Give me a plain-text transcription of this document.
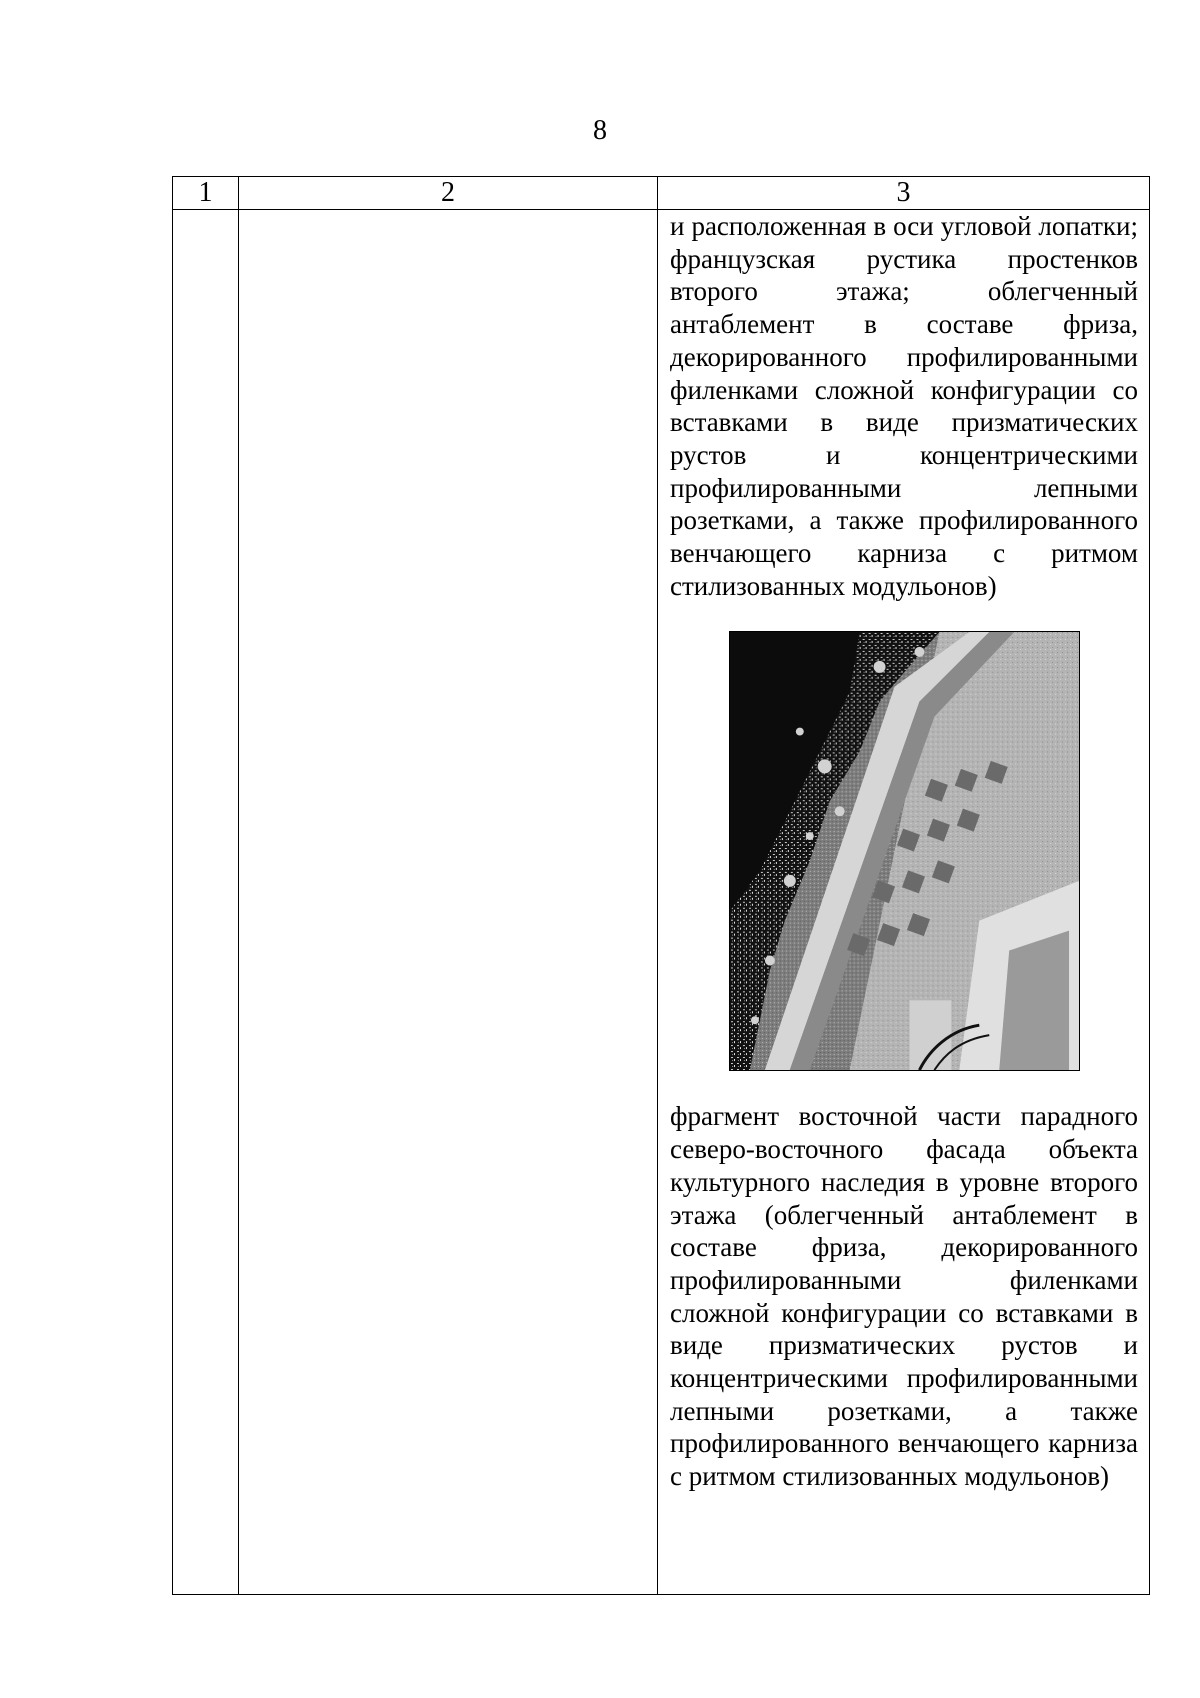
8
1	2	3

		и расположенная в оси угловой лопатки; французская рустика простенков второго этажа; облегченный антаблемент в составе фриза, декорированного профилированными филенками сложной конфигурации со вставками в виде призматических рустов и концентрическими профилированными лепными розетками, а также профилированного венчающего карниза с ритмом стилизованных модульонов)
фрагмент восточной части парадного северо-восточного фасада объекта культурного наследия в уровне второго этажа (облегченный антаблемент в составе фриза, декорированного профилированными филенками сложной конфигурации со вставками в виде призматических рустов и концентрическими профилированными лепными розетками, а также профилированного венчающего карниза с ритмом стилизованных модульонов)
